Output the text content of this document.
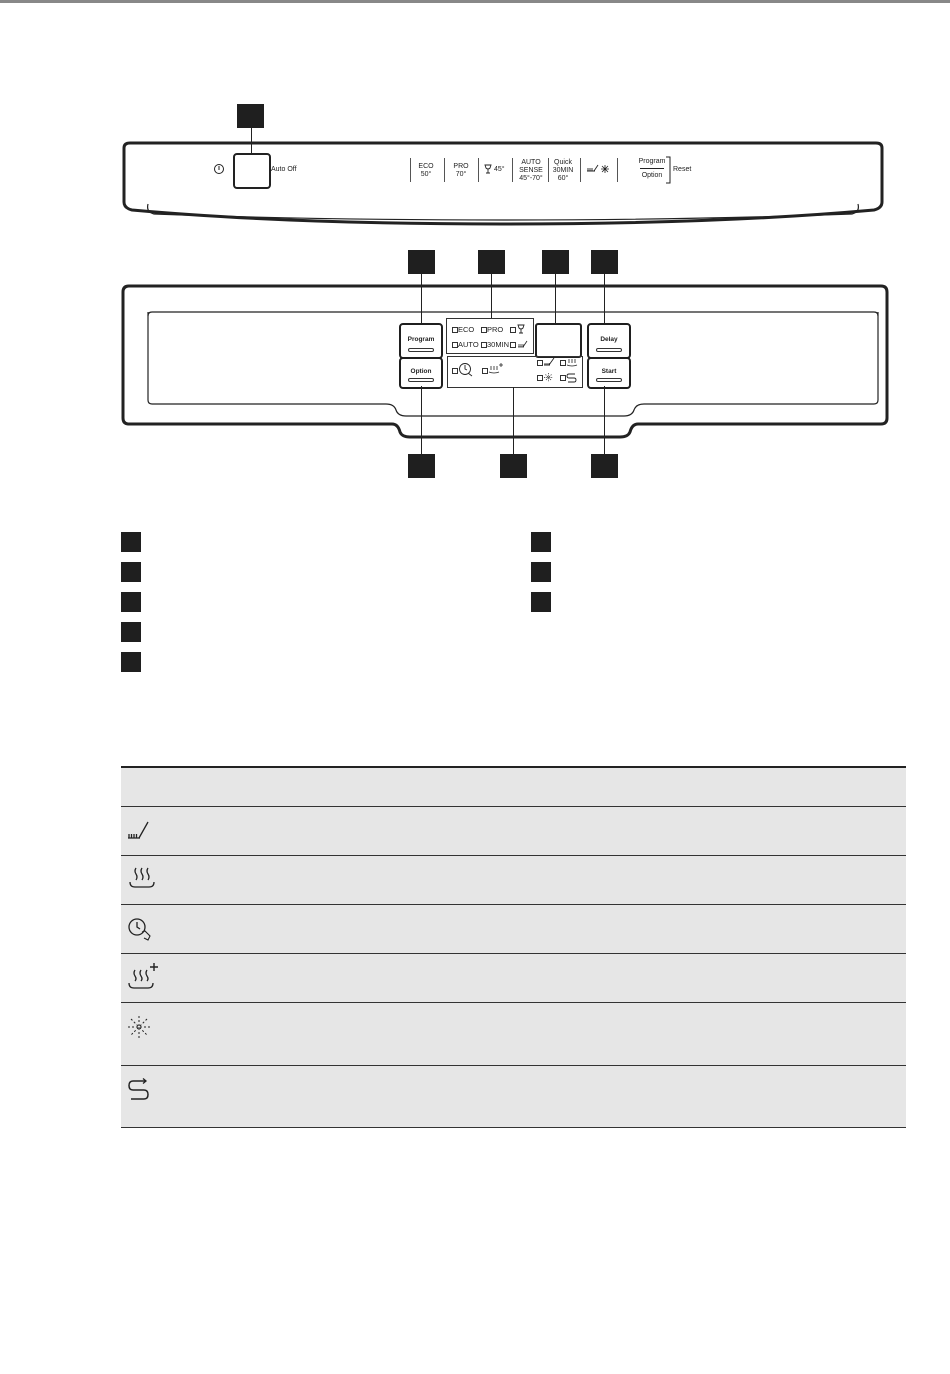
Auto Off	ECO
50°
PRO
70°
45°
AUTO
SENSE
45°-70°
Quick
30MIN
60°
Program
Option
Reset
Program
Option
Delay
Start
ECO PRO
AUTO 30MIN
